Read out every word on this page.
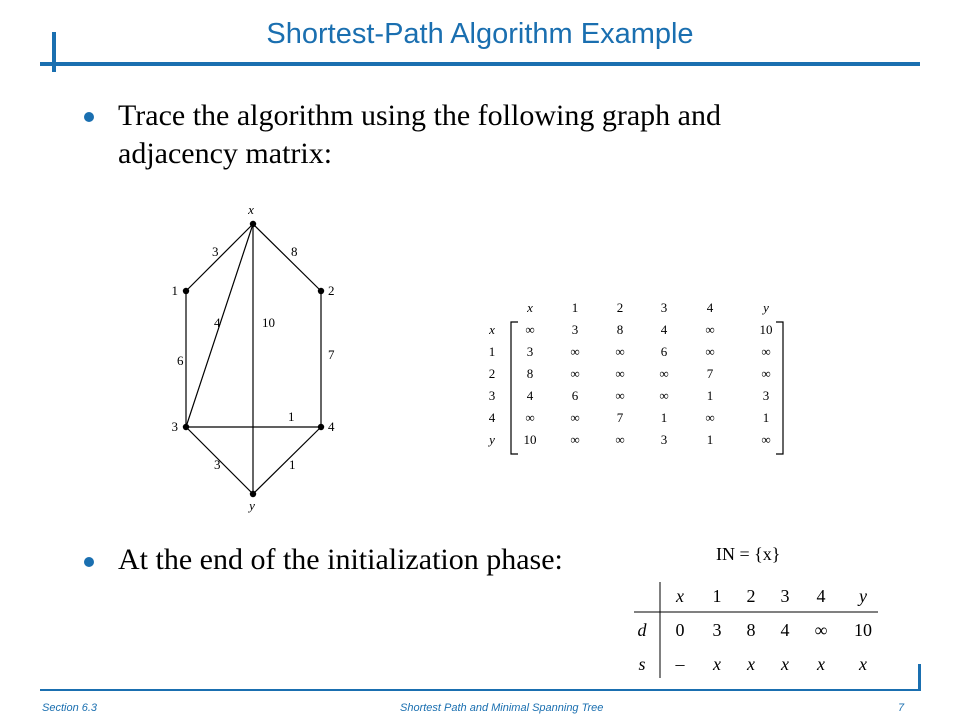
Shortest-Path Algorithm Example
Trace the algorithm using the following graph and
adjacency matrix:
3	8
4	10
6	7
1
3	1
x
1	2
3	4
y
x	1	2	3	4	y
x ∞	3	8	4	∞	10
1 3	∞	∞	6	∞	∞
2 8	∞	∞	∞	7	∞
3 4	6	∞	∞	1	3
4 ∞	∞	7	1	∞	1
y 10	∞	∞	3	1	∞
At the end of the initialization phase:	IN = {x}
x 1 2 3 4 y
d 0 3 8 4 ∞ 10
s – x x x x x
Section 6.3	Shortest Path and Minimal Spanning Tree	7
